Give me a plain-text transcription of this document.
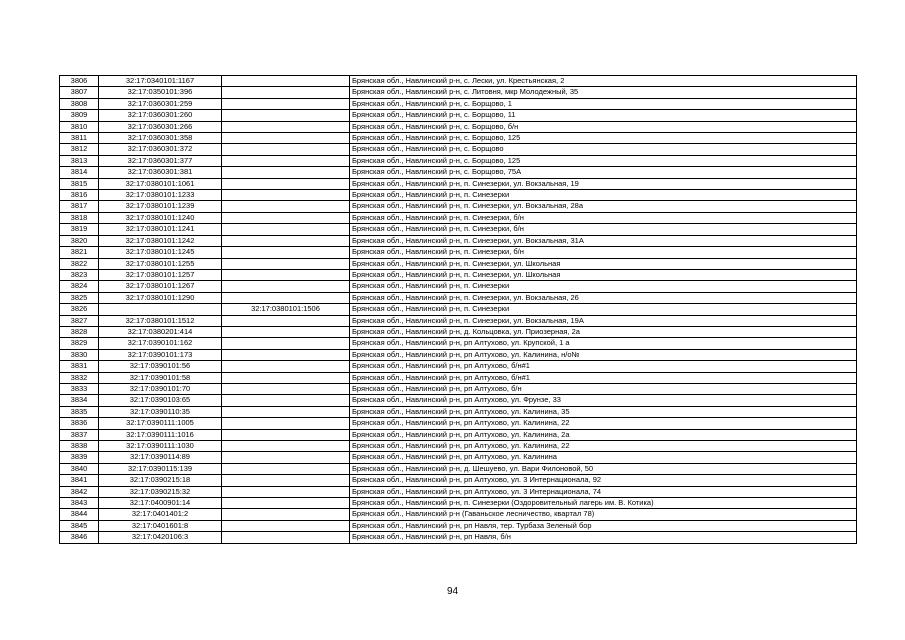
3806	32:17:0340101:1167		Брянская обл., Навлинский р-н, с. Лески, ул. Крестьянская, 2
3807	32:17:0350101:396		Брянская обл., Навлинский р-н, с. Литовня, мкр Молодежный, 35
3808	32:17:0360301:259		Брянская обл., Навлинский р-н, с. Борщово, 1
3809	32:17:0360301:260		Брянская обл., Навлинский р-н, с. Борщово, 11
3810	32:17:0360301:266		Брянская обл., Навлинский р-н, с. Борщово, б/н
3811	32:17:0360301:358		Брянская обл., Навлинский р-н, с. Борщово, 125
3812	32:17:0360301:372		Брянская обл., Навлинский р-н, с. Борщово
3813	32:17:0360301:377		Брянская обл., Навлинский р-н, с. Борщово, 125
3814	32:17:0360301:381		Брянская обл., Навлинский р-н, с. Борщово, 75А
3815	32:17:0380101:1061		Брянская обл., Навлинский р-н, п. Синезерки, ул. Вокзальная, 19
3816	32:17:0380101:1233		Брянская обл., Навлинский р-н, п. Синезерки
3817	32:17:0380101:1239		Брянская обл., Навлинский р-н, п. Синезерки, ул. Вокзальная, 28а
3818	32:17:0380101:1240		Брянская обл., Навлинский р-н, п. Синезерки, б/н
3819	32:17:0380101:1241		Брянская обл., Навлинский р-н, п. Синезерки, б/н
3820	32:17:0380101:1242		Брянская обл., Навлинский р-н, п. Синезерки, ул. Вокзальная, 31А
3821	32:17:0380101:1245		Брянская обл., Навлинский р-н, п. Синезерки, б/н
3822	32:17:0380101:1255		Брянская обл., Навлинский р-н, п. Синезерки, ул. Школьная
3823	32:17:0380101:1257		Брянская обл., Навлинский р-н, п. Синезерки, ул. Школьная
3824	32:17:0380101:1267		Брянская обл., Навлинский р-н, п. Синезерки
3825	32:17:0380101:1290		Брянская обл., Навлинский р-н, п. Синезерки, ул. Вокзальная, 26
3826		32:17:0380101:1506	Брянская обл., Навлинский р-н, п. Синезерки
3827	32:17:0380101:1512		Брянская обл., Навлинский р-н, п. Синезерки, ул. Вокзальная, 19А
3828	32:17:0380201:414		Брянская обл., Навлинский р-н, д. Кольцовка, ул. Приозерная, 2а
3829	32:17:0390101:162		Брянская обл., Навлинский р-н, рп Алтухово, ул. Крупской, 1 а
3830	32:17:0390101:173		Брянская обл., Навлинский р-н, рп Алтухово, ул. Калинина, н/о№
3831	32:17:0390101:56		Брянская обл., Навлинский р-н, рп Алтухово, б/н#1
3832	32:17:0390101:58		Брянская обл., Навлинский р-н, рп Алтухово, б/н#1
3833	32:17:0390101:70		Брянская обл., Навлинский р-н, рп Алтухово, б/н
3834	32:17:0390103:65		Брянская обл., Навлинский р-н, рп Алтухово, ул. Фрунзе, 33
3835	32:17:0390110:35		Брянская обл., Навлинский р-н, рп Алтухово, ул. Калинина, 35
3836	32:17:0390111:1005		Брянская обл., Навлинский р-н, рп Алтухово, ул. Калинина, 22
3837	32:17:0390111:1016		Брянская обл., Навлинский р-н, рп Алтухово, ул. Калинина, 2а
3838	32:17:0390111:1030		Брянская обл., Навлинский р-н, рп Алтухово, ул. Калинина, 22
3839	32:17:0390114:89		Брянская обл., Навлинский р-н, рп Алтухово, ул. Калинина
3840	32:17:0390115:139		Брянская обл., Навлинский р-н, д. Шешуево, ул. Вари Филоновой, 50
3841	32:17:0390215:18		Брянская обл., Навлинский р-н, рп Алтухово, ул. 3 Интернационала, 92
3842	32:17:0390215:32		Брянская обл., Навлинский р-н, рп Алтухово, ул. 3 Интернационала, 74
3843	32:17:0400901:14		Брянская обл., Навлинский р-н, п. Синезерки (Оздоровительный лагерь им. В. Котика)
3844	32:17:0401401:2		Брянская обл., Навлинский р-н (Гаваньское лесничество, квартал 78)
3845	32:17:0401601:8		Брянская обл., Навлинский р-н, рп Навля, тер. Турбаза Зеленый бор
3846	32:17:0420106:3		Брянская обл., Навлинский р-н, рп Навля, б/н
94
